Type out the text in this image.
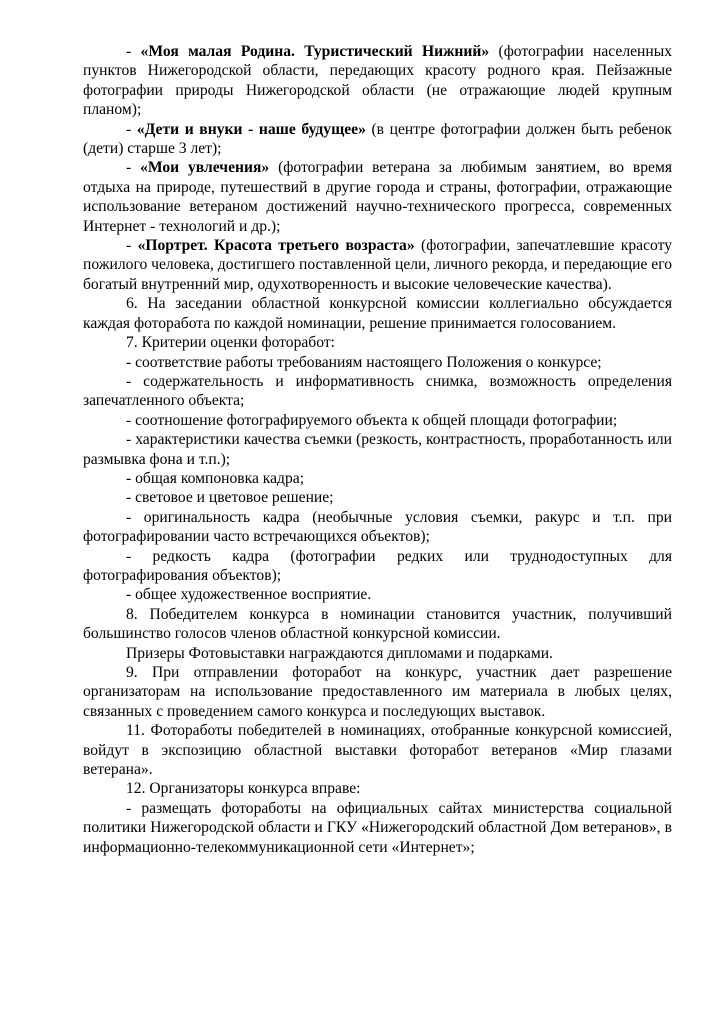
- «Моя малая Родина. Туристический Нижний» (фотографии населенных пунктов Нижегородской области, передающих красоту родного края. Пейзажные фотографии природы Нижегородской области (не отражающие людей крупным планом);

- «Дети и внуки - наше будущее» (в центре фотографии должен быть ребенок (дети) старше 3 лет);

- «Мои увлечения» (фотографии ветерана за любимым занятием, во время отдыха на природе, путешествий в другие города и страны, фотографии, отражающие использование ветераном достижений научно-технического прогресса, современных Интернет - технологий и др.);

- «Портрет. Красота третьего возраста» (фотографии, запечатлевшие красоту пожилого человека, достигшего поставленной цели, личного рекорда, и передающие его богатый внутренний мир, одухотворенность и высокие человеческие качества).

6. На заседании областной конкурсной комиссии коллегиально обсуждается каждая фоторабота по каждой номинации, решение принимается голосованием.

7. Критерии оценки фоторабот:

- соответствие работы требованиям настоящего Положения о конкурсе;

- содержательность и информативность снимка, возможность определения запечатленного объекта;

- соотношение фотографируемого объекта к общей площади фотографии;

- характеристики качества съемки (резкость, контрастность, проработанность или размывка фона и т.п.);

- общая компоновка кадра;

- световое и цветовое решение;

- оригинальность кадра (необычные условия съемки, ракурс и т.п. при фотографировании часто встречающихся объектов);

- редкость кадра (фотографии редких или труднодоступных для фотографирования объектов);

- общее художественное восприятие.

8. Победителем конкурса в номинации становится участник, получивший большинство голосов членов областной конкурсной комиссии.

Призеры Фотовыставки награждаются дипломами и подарками.

9. При отправлении фоторабот на конкурс, участник дает разрешение организаторам на использование предоставленного им материала в любых целях, связанных с проведением самого конкурса и последующих выставок.

11. Фотоработы победителей в номинациях, отобранные конкурсной комиссией, войдут в экспозицию областной выставки фоторабот ветеранов «Мир глазами ветерана».

12. Организаторы конкурса вправе:

- размещать фотоработы на официальных сайтах министерства социальной политики Нижегородской области и ГКУ «Нижегородский областной Дом ветеранов», в информационно-телекоммуникационной сети «Интернет»;
